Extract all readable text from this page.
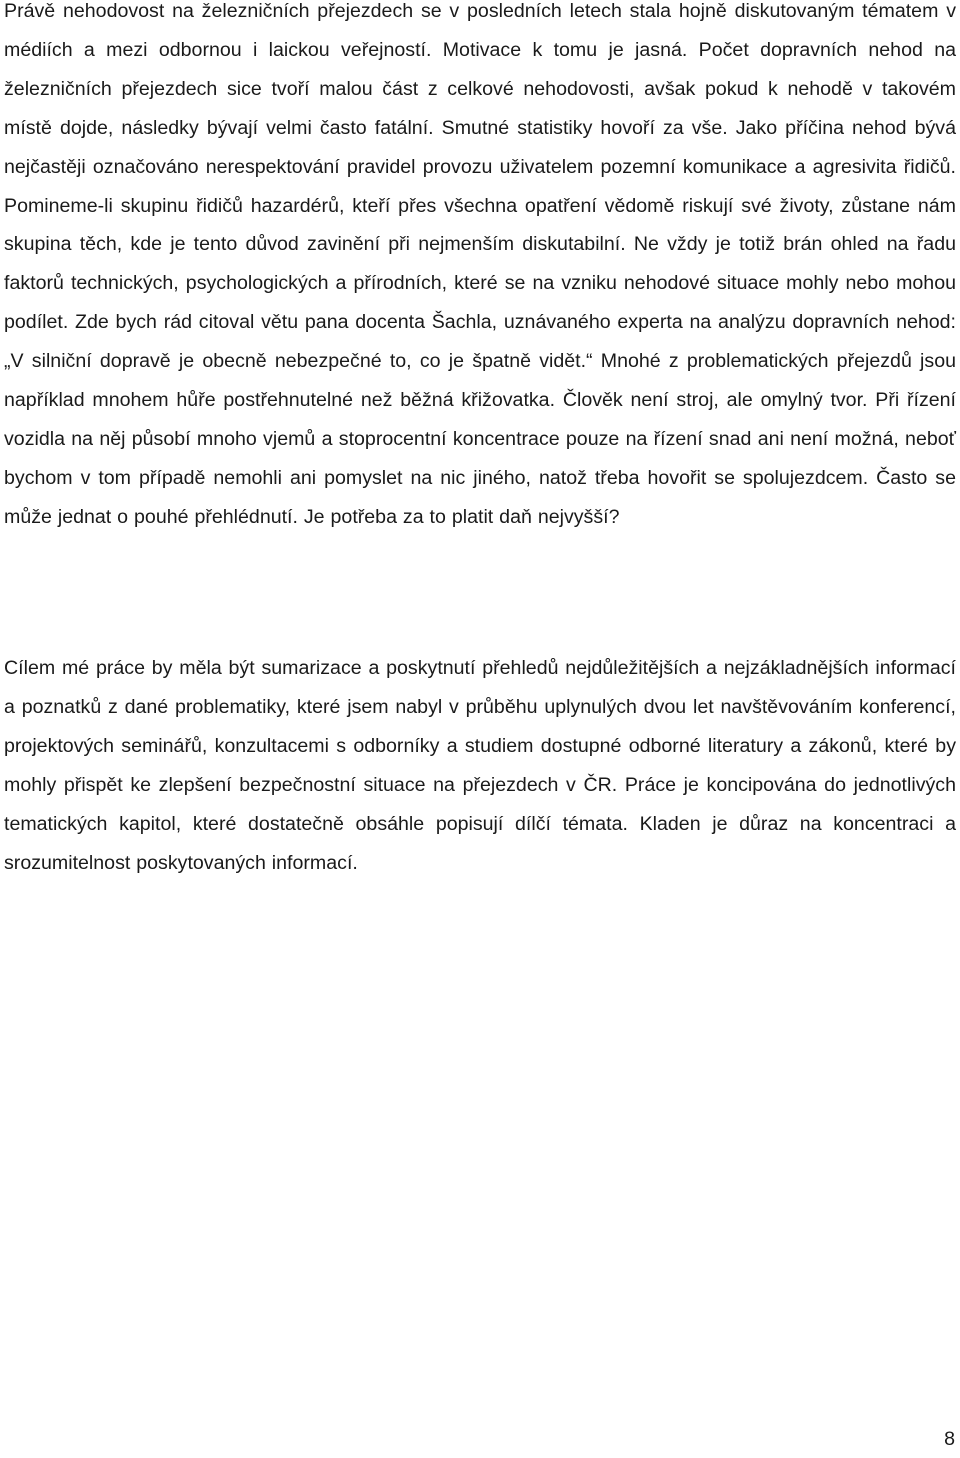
Právě nehodovost na železničních přejezdech se v posledních letech stala hojně diskutovaným tématem v médiích a mezi odbornou i laickou veřejností. Motivace k tomu je jasná. Počet dopravních nehod na železničních přejezdech sice tvoří malou část z celkové nehodovosti, avšak pokud k nehodě v takovém místě dojde, následky bývají velmi často fatální. Smutné statistiky hovoří za vše. Jako příčina nehod bývá nejčastěji označováno nerespektování pravidel provozu uživatelem pozemní komunikace a agresivita řidičů. Pomineme-li skupinu řidičů hazardérů, kteří přes všechna opatření vědomě riskují své životy, zůstane nám skupina těch, kde je tento důvod zavinění při nejmenším diskutabilní. Ne vždy je totiž brán ohled na řadu faktorů technických, psychologických a přírodních, které se na vzniku nehodové situace mohly nebo mohou podílet. Zde bych rád citoval větu pana docenta Šachla, uznávaného experta na analýzu dopravních nehod: „V silniční dopravě je obecně nebezpečné to, co je špatně vidět.“ Mnohé z problematických přejezdů jsou například mnohem hůře postřehnutelné než běžná křižovatka. Člověk není stroj, ale omylný tvor. Při řízení vozidla na něj působí mnoho vjemů a stoprocentní koncentrace pouze na řízení snad ani není možná, neboť bychom v tom případě nemohli ani pomyslet na nic jiného, natož třeba hovořit se spolujezdcem. Často se může jednat o pouhé přehlédnutí. Je potřeba za to platit daň nejvyšší?

Cílem mé práce by měla být sumarizace a poskytnutí přehledů nejdůležitějších a nejzákladnějších informací a poznatků z dané problematiky, které jsem nabyl v průběhu uplynulých dvou let navštěvováním konferencí, projektových seminářů, konzultacemi s odborníky a studiem dostupné odborné literatury a zákonů, které by mohly přispět ke zlepšení bezpečnostní situace na přejezdech v ČR. Práce je koncipována do jednotlivých tematických kapitol, které dostatečně obsáhle popisují dílčí témata. Kladen je důraz na koncentraci a srozumitelnost poskytovaných informací.

8
